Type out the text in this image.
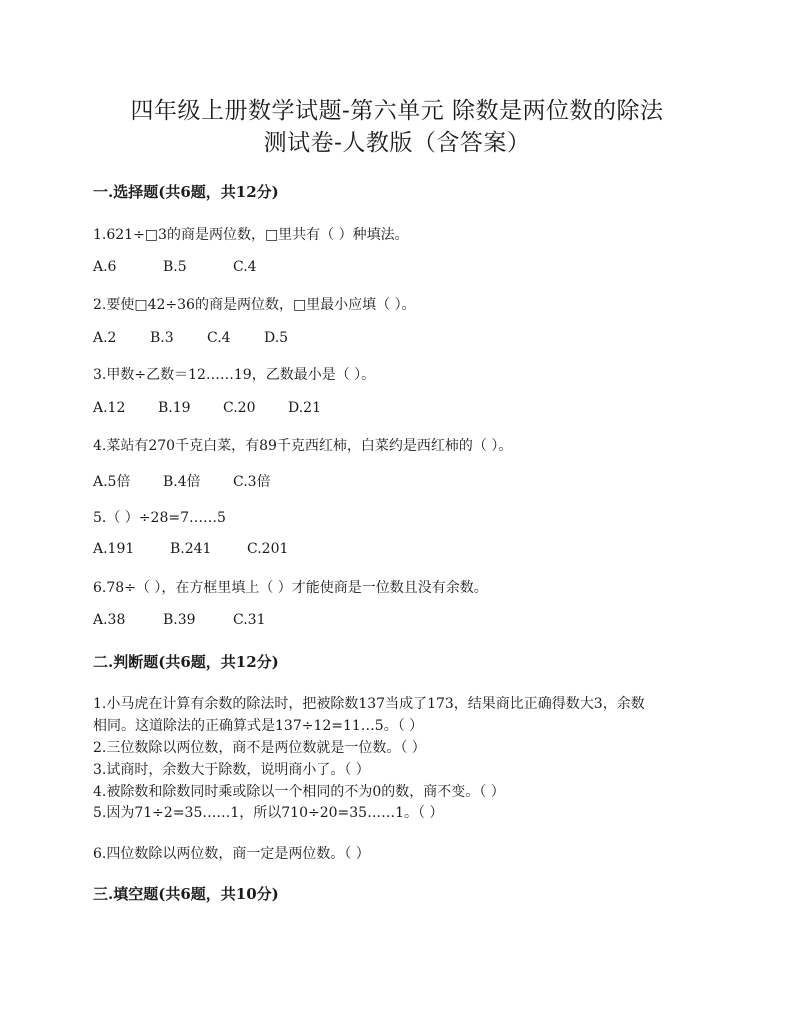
四年级上册数学试题-第六单元 除数是两位数的除法
测试卷-人教版（含答案）
一.选择题(共6题，共12分)
1.621÷□3的商是两位数，□里共有（ ）种填法。
A.6	B.5	C.4
2.要使□42÷36的商是两位数，□里最小应填（ ）。
A.2 B.3 C.4 D.5
3.甲数÷乙数＝12……19，乙数最小是（ ）。
A.12 B.19 C.20 D.21
4.菜站有270千克白菜，有89千克西红柿，白菜约是西红柿的（ ）。
A.5倍 B.4倍 C.3倍
5.（ ）÷28=7……5
A.191	B.241	C.201
6.78÷（ ），在方框里填上（ ）才能使商是一位数且没有余数。
A.38	B.39	C.31
二.判断题(共6题，共12分)
1.小马虎在计算有余数的除法时，把被除数137当成了173，结果商比正确得数大3，余数
相同。这道除法的正确算式是137÷12=11…5。（ ）
2.三位数除以两位数，商不是两位数就是一位数。（ ）
3.试商时，余数大于除数，说明商小了。（ ）
4.被除数和除数同时乘或除以一个相同的不为0的数，商不变。（ ）
5.因为71÷2=35……1，所以710÷20=35……1。（ ）
6.四位数除以两位数，商一定是两位数。（ ）
三.填空题(共6题，共10分)
